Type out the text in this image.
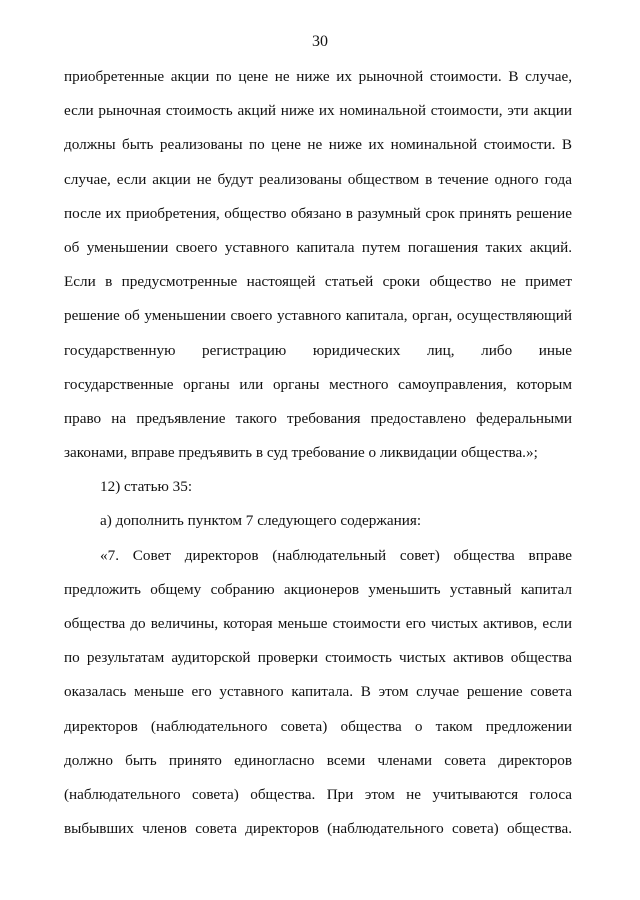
30
приобретенные акции по цене не ниже их рыночной стоимости. В случае,
если рыночная стоимость акций ниже их номинальной стоимости, эти акции
должны быть реализованы по цене не ниже их номинальной стоимости. В
случае, если акции не будут реализованы обществом в течение одного года
после их приобретения, общество обязано в разумный срок принять решение
об уменьшении своего уставного капитала путем погашения таких акций.
Если в предусмотренные настоящей статьей сроки общество не примет
решение об уменьшении своего уставного капитала, орган, осуществляющий
государственную регистрацию юридических лиц, либо иные
государственные органы или органы местного самоуправления, которым
право на предъявление такого требования предоставлено федеральными
законами, вправе предъявить в суд требование о ликвидации общества.»;
12) статью 35:
а) дополнить пунктом 7 следующего содержания:
«7. Совет директоров (наблюдательный совет) общества вправе
предложить общему собранию акционеров уменьшить уставный капитал
общества до величины, которая меньше стоимости его чистых активов, если
по результатам аудиторской проверки стоимость чистых активов общества
оказалась меньше его уставного капитала. В этом случае решение совета
директоров (наблюдательного совета) общества о таком предложении
должно быть принято единогласно всеми членами совета директоров
(наблюдательного совета) общества. При этом не учитываются голоса
выбывших членов совета директоров (наблюдательного совета) общества.
